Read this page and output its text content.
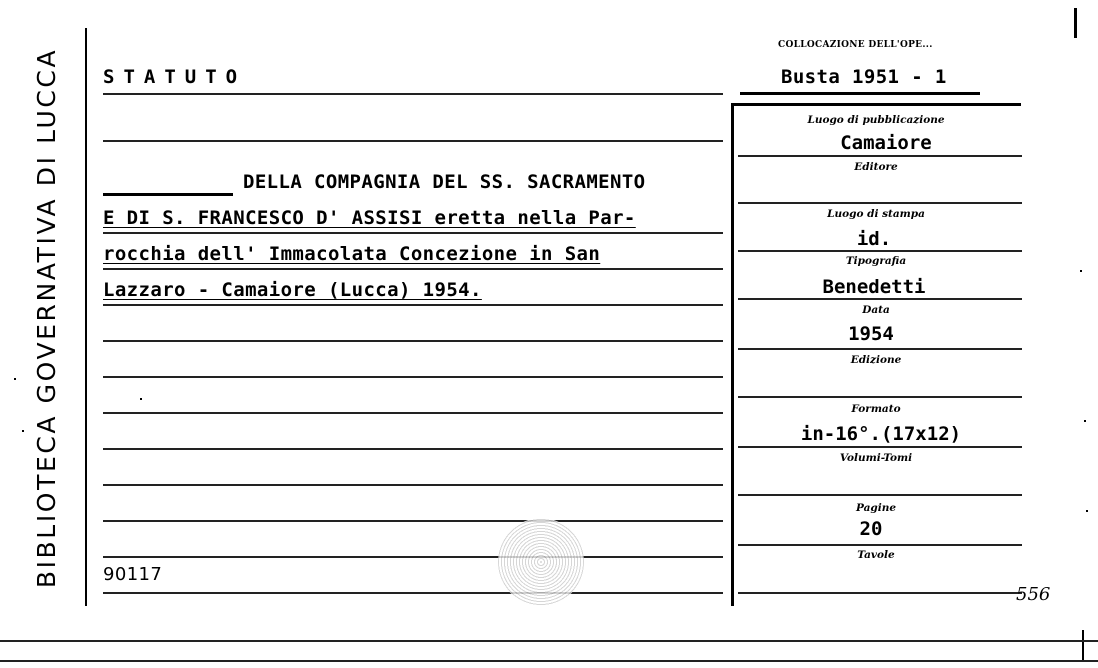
BIBLIOTECA GOVERNATIVA DI LUCCA STATUTO
DELLA COMPAGNIA DEL SS. SACRAMENTO
E DI S. FRANCESCO D' ASSISI eretta nella Par-
rocchia dell' Immacolata Concezione in San
Lazzaro - Camaiore (Lucca) 1954.
90117
COLLOCAZIONE DELL'OPE...
Busta 1951 - 1
Luogo di pubblicazione
Camaiore
Editore
Luogo di stampa
id.
Tipografia
Benedetti
Data
1954
Edizione
Formato
in-16°.(17x12)
Volumi-Tomi
Pagine
20
Tavole
556
